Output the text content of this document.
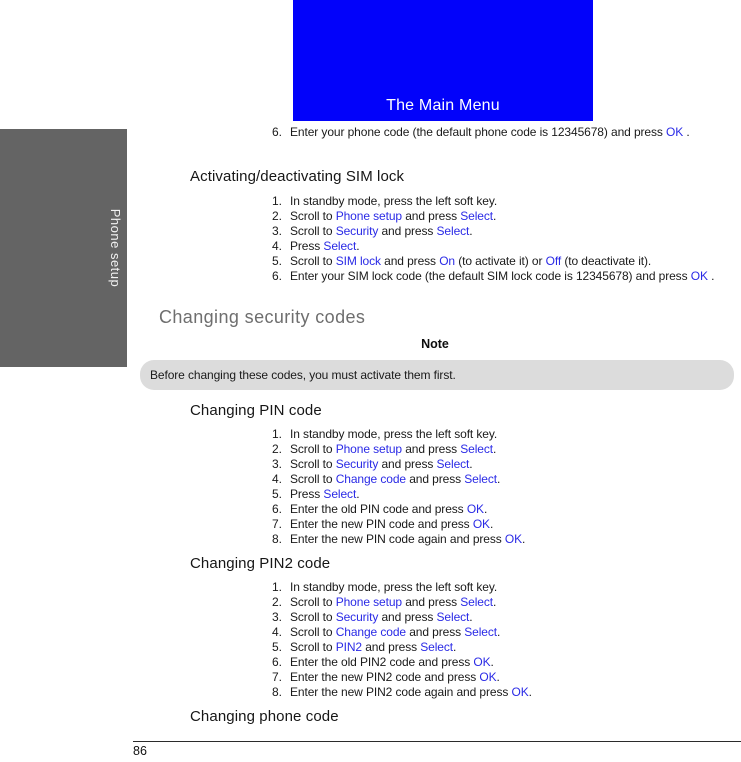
The Main Menu
Phone setup
6. Enter your phone code (the default phone code is 12345678) and press OK .
Activating/deactivating SIM lock
1. In standby mode, press the left soft key.
2. Scroll to Phone setup and press Select.
3. Scroll to Security and press Select.
4. Press Select.
5. Scroll to SIM lock and press On (to activate it) or Off (to deactivate it).
6. Enter your SIM lock code (the default SIM lock code is 12345678) and press OK .
Changing security codes
Note
Before changing these codes, you must activate them first.
Changing PIN code
1. In standby mode, press the left soft key.
2. Scroll to Phone setup and press Select.
3. Scroll to Security and press Select.
4. Scroll to Change code and press Select.
5. Press Select.
6. Enter the old PIN code and press OK.
7. Enter the new PIN code and press OK.
8. Enter the new PIN code again and press OK.
Changing PIN2 code
1. In standby mode, press the left soft key.
2. Scroll to Phone setup and press Select.
3. Scroll to Security and press Select.
4. Scroll to Change code and press Select.
5. Scroll to PIN2 and press Select.
6. Enter the old PIN2 code and press OK.
7. Enter the new PIN2 code and press OK.
8. Enter the new PIN2 code again and press OK.
Changing phone code
86
